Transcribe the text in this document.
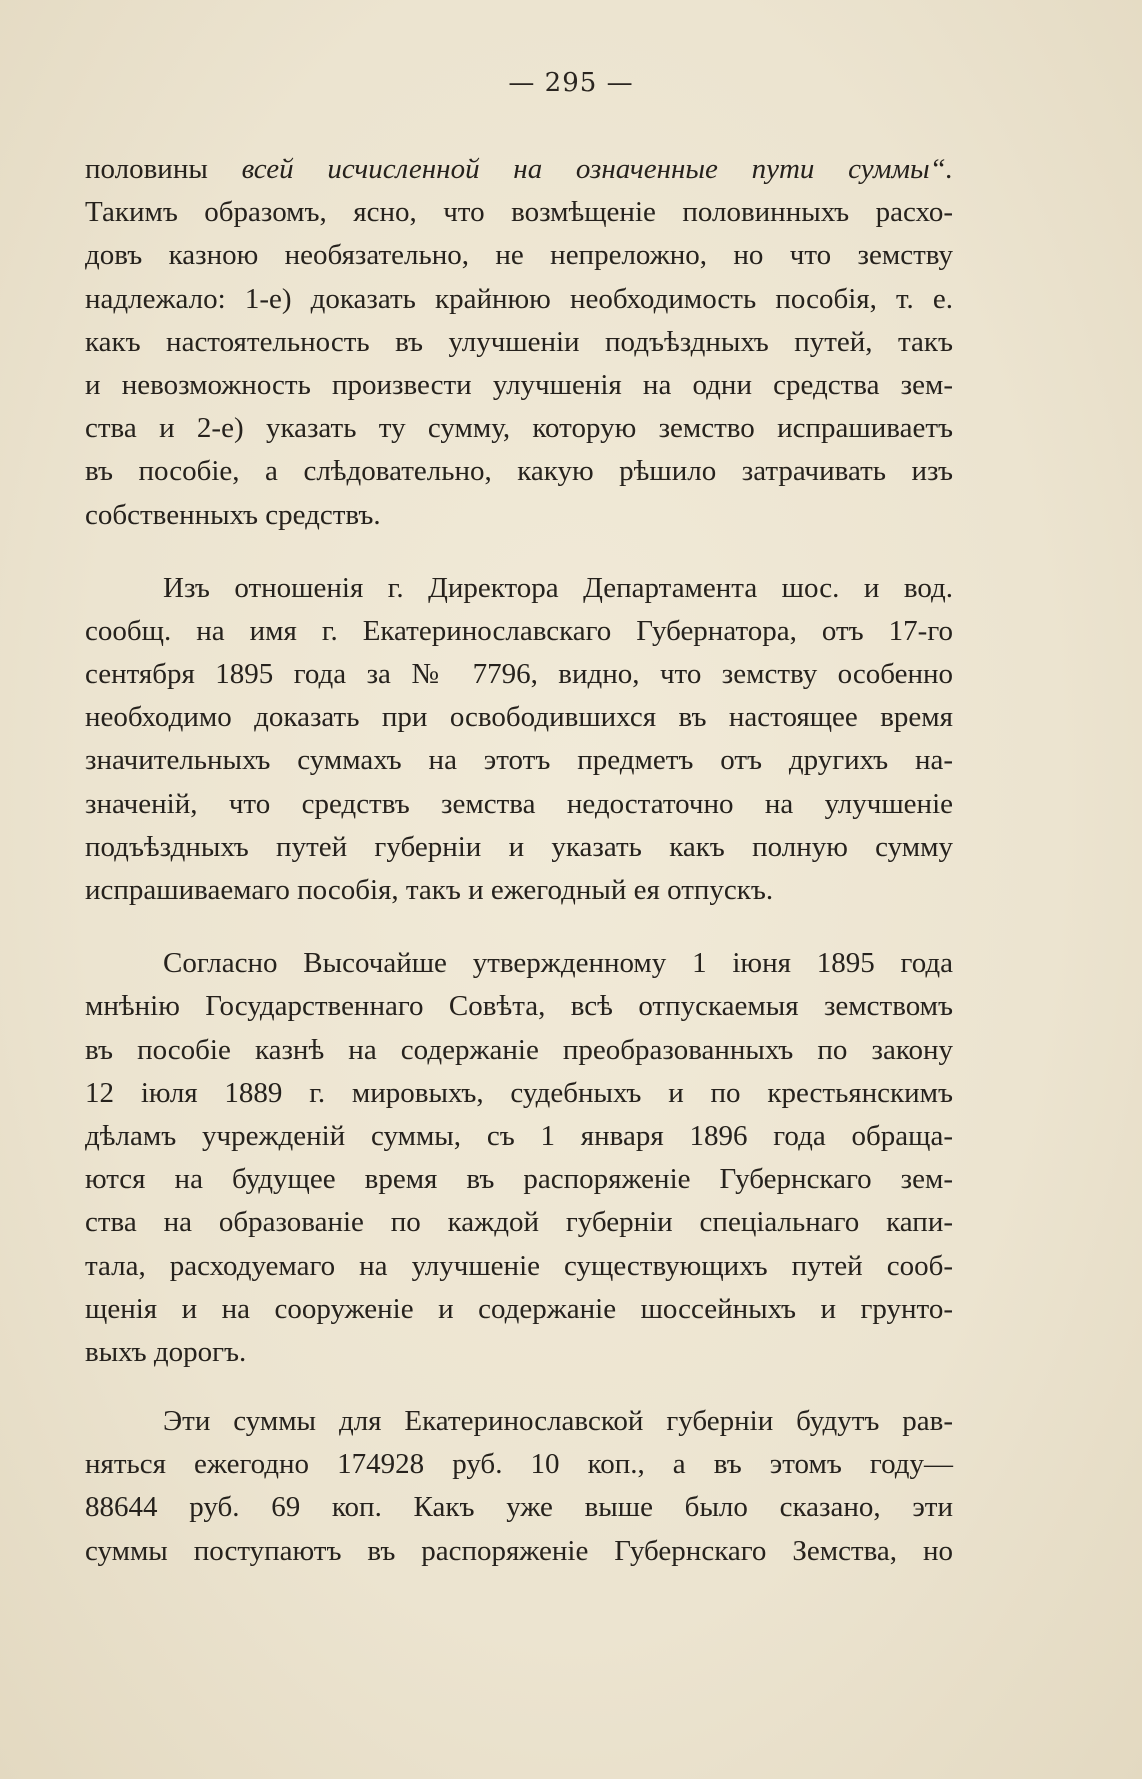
— 295 —
половины всей исчисленной на означенные пути суммы“.
Такимъ образомъ, ясно, что возмѣщеніе половинныхъ расхо-
довъ казною необязательно, не непреложно, но что земству
надлежало: 1-е) доказать крайнюю необходимость пособія, т. е.
какъ настоятельность въ улучшеніи подъѣздныхъ путей, такъ
и невозможность произвести улучшенія на одни средства зем-
ства и 2-е) указать ту сумму, которую земство испрашиваетъ
въ пособіе, а слѣдовательно, какую рѣшило затрачивать изъ
собственныхъ средствъ.
Изъ отношенія г. Директора Департамента шос. и вод.
сообщ. на имя г. Екатеринославскаго Губернатора, отъ 17-го
сентября 1895 года за № 7796, видно, что земству особенно
необходимо доказать при освободившихся въ настоящее время
значительныхъ суммахъ на этотъ предметъ отъ другихъ на-
значеній, что средствъ земства недостаточно на улучшеніе
подъѣздныхъ путей губерніи и указать какъ полную сумму
испрашиваемаго пособія, такъ и ежегодный ея отпускъ.
Согласно Высочайше утвержденному 1 іюня 1895 года
мнѣнію Государственнаго Совѣта, всѣ отпускаемыя земствомъ
въ пособіе казнѣ на содержаніе преобразованныхъ по закону
12 іюля 1889 г. мировыхъ, судебныхъ и по крестьянскимъ
дѣламъ учрежденій суммы, съ 1 января 1896 года обраща-
ются на будущее время въ распоряженіе Губернскаго зем-
ства на образованіе по каждой губерніи спеціальнаго капи-
тала, расходуемаго на улучшеніе существующихъ путей сооб-
щенія и на сооруженіе и содержаніе шоссейныхъ и грунто-
выхъ дорогъ.
Эти суммы для Екатеринославской губерніи будутъ рав-
няться ежегодно 174928 руб. 10 коп., а въ этомъ году—
88644 руб. 69 коп. Какъ уже выше было сказано, эти
суммы поступаютъ въ распоряженіе Губернскаго Земства, но
